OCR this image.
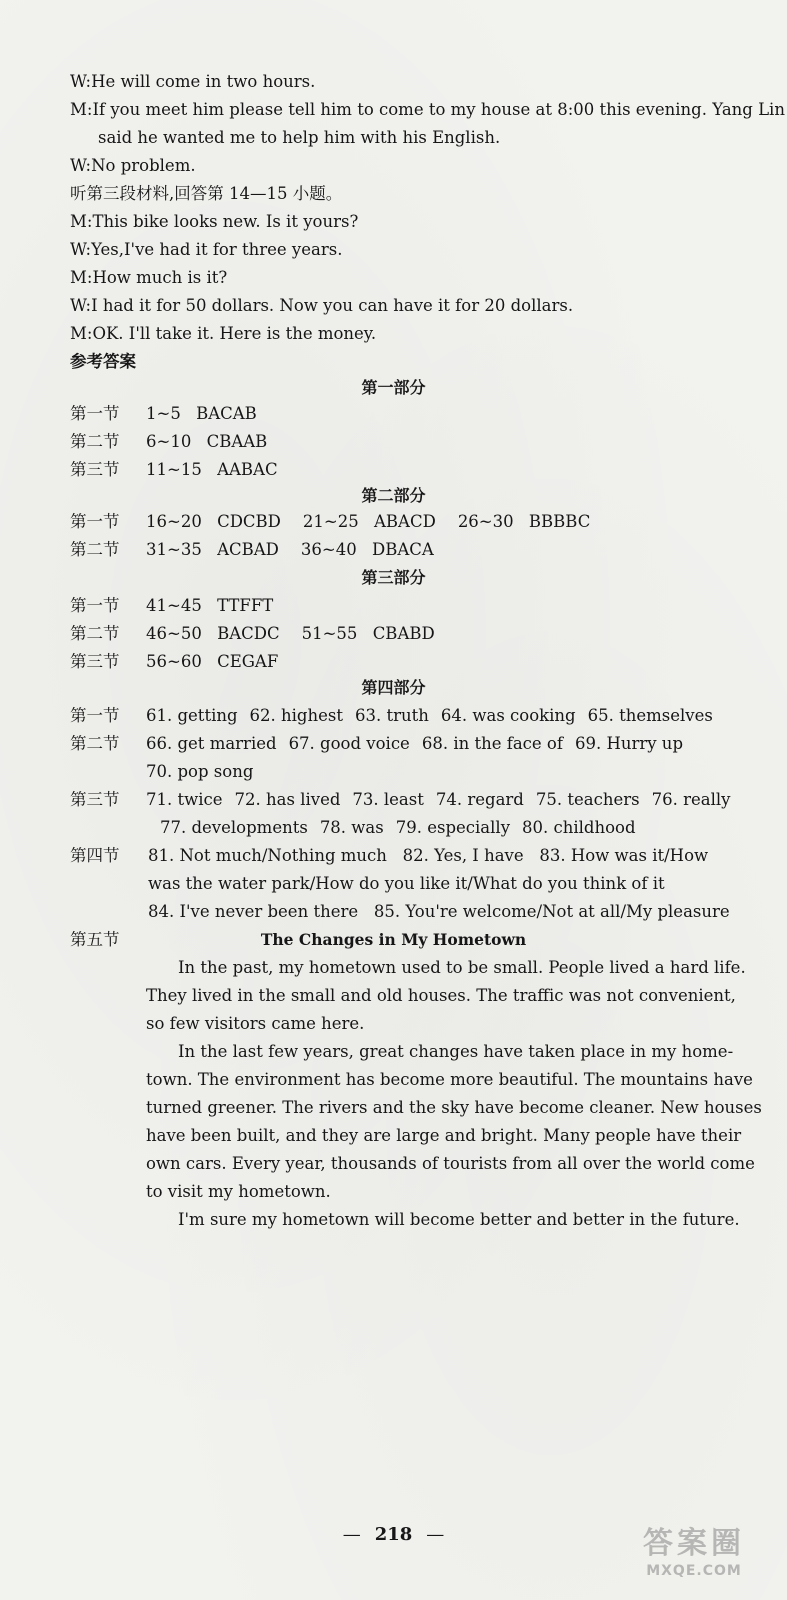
W:He will come in two hours.
M:If you meet him please tell him to come to my house at 8:00 this evening. Yang Lin
said he wanted me to help him with his English.
W:No problem.
听第三段材料,回答第 14—15 小题。
M:This bike looks new. Is it yours?
W:Yes,I've had it for three years.
M:How much is it?
W:I had it for 50 dollars. Now you can have it for 20 dollars.
M:OK. I'll take it. Here is the money.
参考答案
第一部分
第一节 1~5 BACAB
第二节 6~10 CBAAB
第三节 11~15 AABAC
第二部分
第一节 16~20 CDCBD 21~25 ABACD 26~30 BBBBC
第二节 31~35 ACBAD 36~40 DBACA
第三部分
第一节 41~45 TTFFT
第二节 46~50 BACDC 51~55 CBABD
第三节 56~60 CEGAF
第四部分
第一节 61. getting 62. highest 63. truth 64. was cooking 65. themselves
第二节 66. get married 67. good voice 68. in the face of 69. Hurry up
70. pop song
第三节 71. twice 72. has lived 73. least 74. regard 75. teachers 76. really
77. developments 78. was 79. especially 80. childhood
第四节 81. Not much/Nothing much   82. Yes, I have   83. How was it/How
was the water park/How do you like it/What do you think of it
84. I've never been there   85. You're welcome/Not at all/My pleasure
第五节	The Changes in My Hometown
In the past, my hometown used to be small. People lived a hard life.
They lived in the small and old houses. The traffic was not convenient,
so few visitors came here.
In the last few years, great changes have taken place in my home-
town. The environment has become more beautiful. The mountains have
turned greener. The rivers and the sky have become cleaner. New houses
have been built, and they are large and bright. Many people have their
own cars. Every year, thousands of tourists from all over the world come
to visit my hometown.
I'm sure my hometown will become better and better in the future.
— 218 —	答案圈
MXQE.COM
